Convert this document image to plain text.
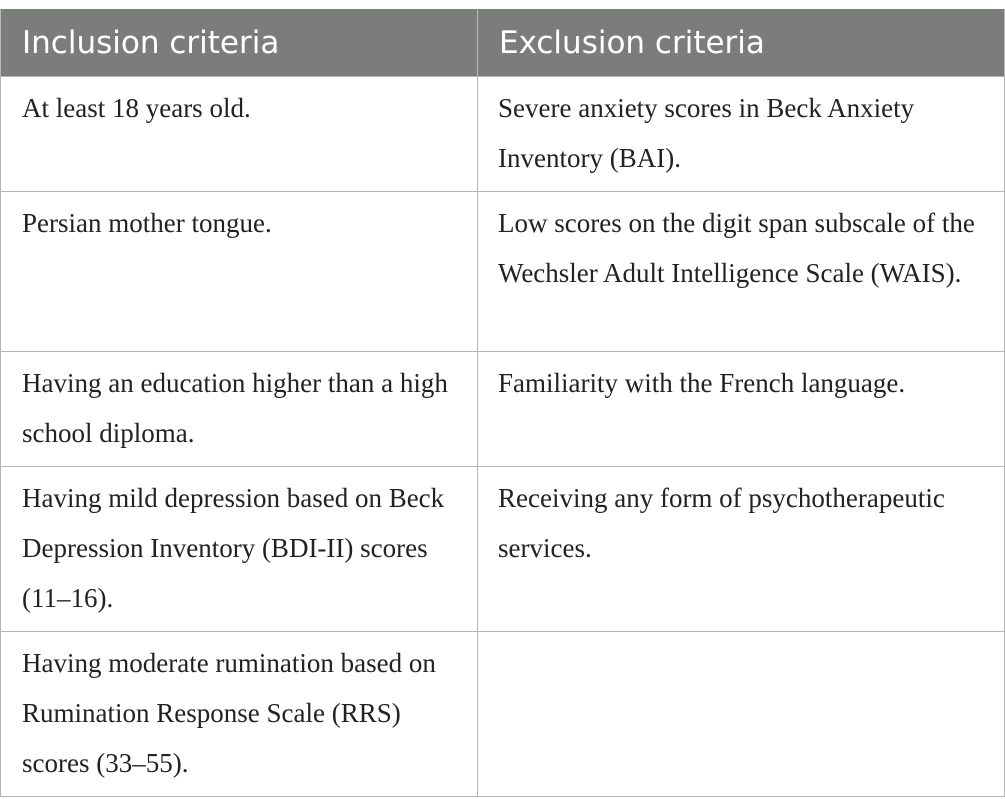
Inclusion criteria	Exclusion criteria
At least 18 years old.	Severe anxiety scores in Beck Anxiety Inventory (BAI).
Persian mother tongue.	Low scores on the digit span subscale of the Wechsler Adult Intelligence Scale (WAIS).
Having an education higher than a high school diploma.	Familiarity with the French language.
Having mild depression based on Beck Depression Inventory (BDI-II) scores (11–16).	Receiving any form of psychotherapeutic services.
Having moderate rumination based on Rumination Response Scale (RRS) scores (33–55).	
